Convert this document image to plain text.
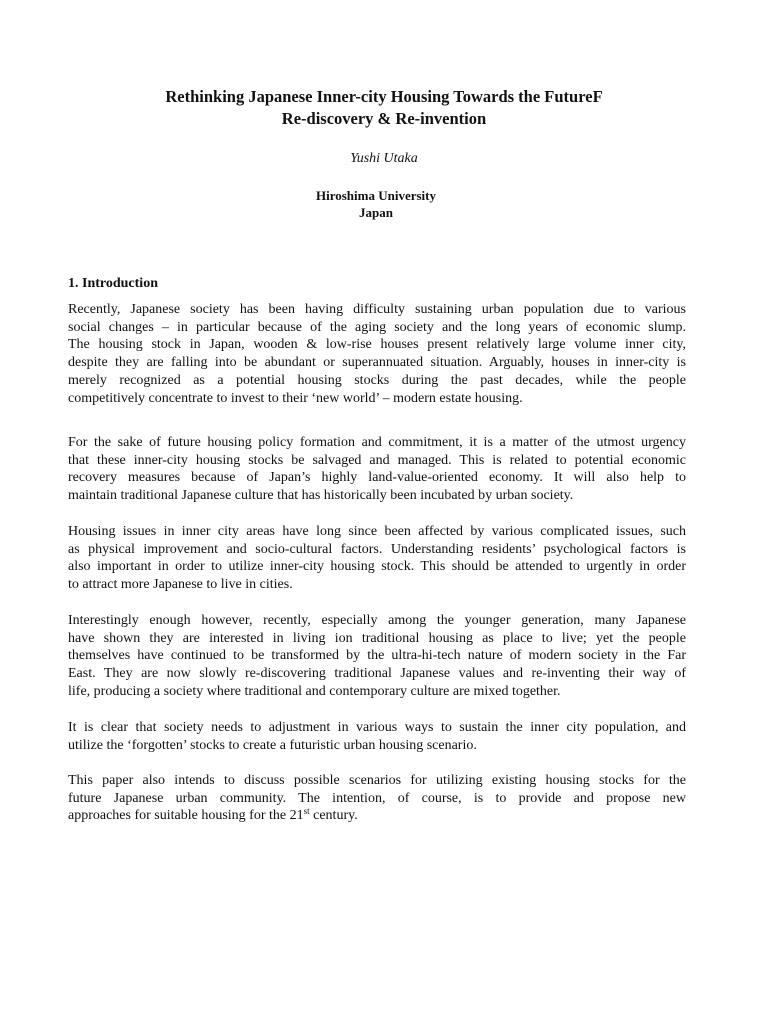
Rethinking Japanese Inner-city Housing Towards the FutureF
Re-discovery & Re-invention
Yushi Utaka
Hiroshima University
Japan
1. Introduction
Recently, Japanese society has been having difficulty sustaining urban population due to various
social changes – in particular because of the aging society and the long years of economic slump.
The housing stock in Japan, wooden & low-rise houses present relatively large volume inner city,
despite they are falling into be abundant or superannuated situation. Arguably, houses in inner-city is
merely recognized as a potential housing stocks during the past decades, while the people
competitively concentrate to invest to their ‘new world’ – modern estate housing.
For the sake of future housing policy formation and commitment, it is a matter of the utmost urgency
that these inner-city housing stocks be salvaged and managed. This is related to potential economic
recovery measures because of Japan’s highly land-value-oriented economy. It will also help to
maintain traditional Japanese culture that has historically been incubated by urban society.
Housing issues in inner city areas have long since been affected by various complicated issues, such
as physical improvement and socio-cultural factors. Understanding residents’ psychological factors is
also important in order to utilize inner-city housing stock. This should be attended to urgently in order
to attract more Japanese to live in cities.
Interestingly enough however, recently, especially among the younger generation, many Japanese
have shown they are interested in living ion traditional housing as place to live; yet the people
themselves have continued to be transformed by the ultra-hi-tech nature of modern society in the Far
East. They are now slowly re-discovering traditional Japanese values and re-inventing their way of
life, producing a society where traditional and contemporary culture are mixed together.
It is clear that society needs to adjustment in various ways to sustain the inner city population, and
utilize the ‘forgotten’ stocks to create a futuristic urban housing scenario.
This paper also intends to discuss possible scenarios for utilizing existing housing stocks for the
future Japanese urban community. The intention, of course, is to provide and propose new
approaches for suitable housing for the 21st century.
